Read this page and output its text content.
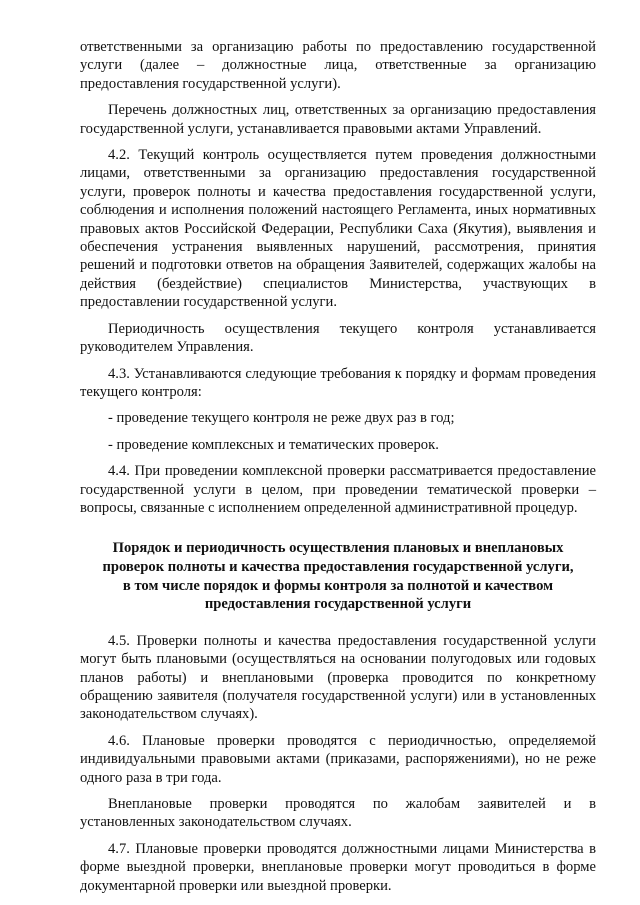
ответственными за организацию работы по предоставлению государственной услуги (далее – должностные лица, ответственные за организацию предоставления государственной услуги).

Перечень должностных лиц, ответственных за организацию предоставления государственной услуги, устанавливается правовыми актами Управлений.

4.2. Текущий контроль осуществляется путем проведения должностными лицами, ответственными за организацию предоставления государственной услуги, проверок полноты и качества предоставления государственной услуги, соблюдения и исполнения положений настоящего Регламента, иных нормативных правовых актов Российской Федерации, Республики Саха (Якутия), выявления и обеспечения устранения выявленных нарушений, рассмотрения, принятия решений и подготовки ответов на обращения Заявителей, содержащих жалобы на действия (бездействие) специалистов Министерства, участвующих в предоставлении государственной услуги.

Периодичность осуществления текущего контроля устанавливается руководителем Управления.

4.3. Устанавливаются следующие требования к порядку и формам проведения текущего контроля:

- проведение текущего контроля не реже двух раз в год;

- проведение комплексных и тематических проверок.

4.4. При проведении комплексной проверки рассматривается предоставление государственной услуги в целом, при проведении тематической проверки – вопросы, связанные с исполнением определенной административной процедур.

Порядок и периодичность осуществления плановых и внеплановых
проверок полноты и качества предоставления государственной услуги,
в том числе порядок и формы контроля за полнотой и качеством
предоставления государственной услуги

4.5. Проверки полноты и качества предоставления государственной услуги могут быть плановыми (осуществляться на основании полугодовых или годовых планов работы) и внеплановыми (проверка проводится по конкретному обращению заявителя (получателя государственной услуги) или в установленных законодательством случаях).

4.6. Плановые проверки проводятся с периодичностью, определяемой индивидуальными правовыми актами (приказами, распоряжениями), но не реже одного раза в три года.

Внеплановые проверки проводятся по жалобам заявителей и в установленных законодательством случаях.

4.7. Плановые проверки проводятся должностными лицами Министерства в форме выездной проверки, внеплановые проверки могут проводиться в форме документарной проверки или выездной проверки.
